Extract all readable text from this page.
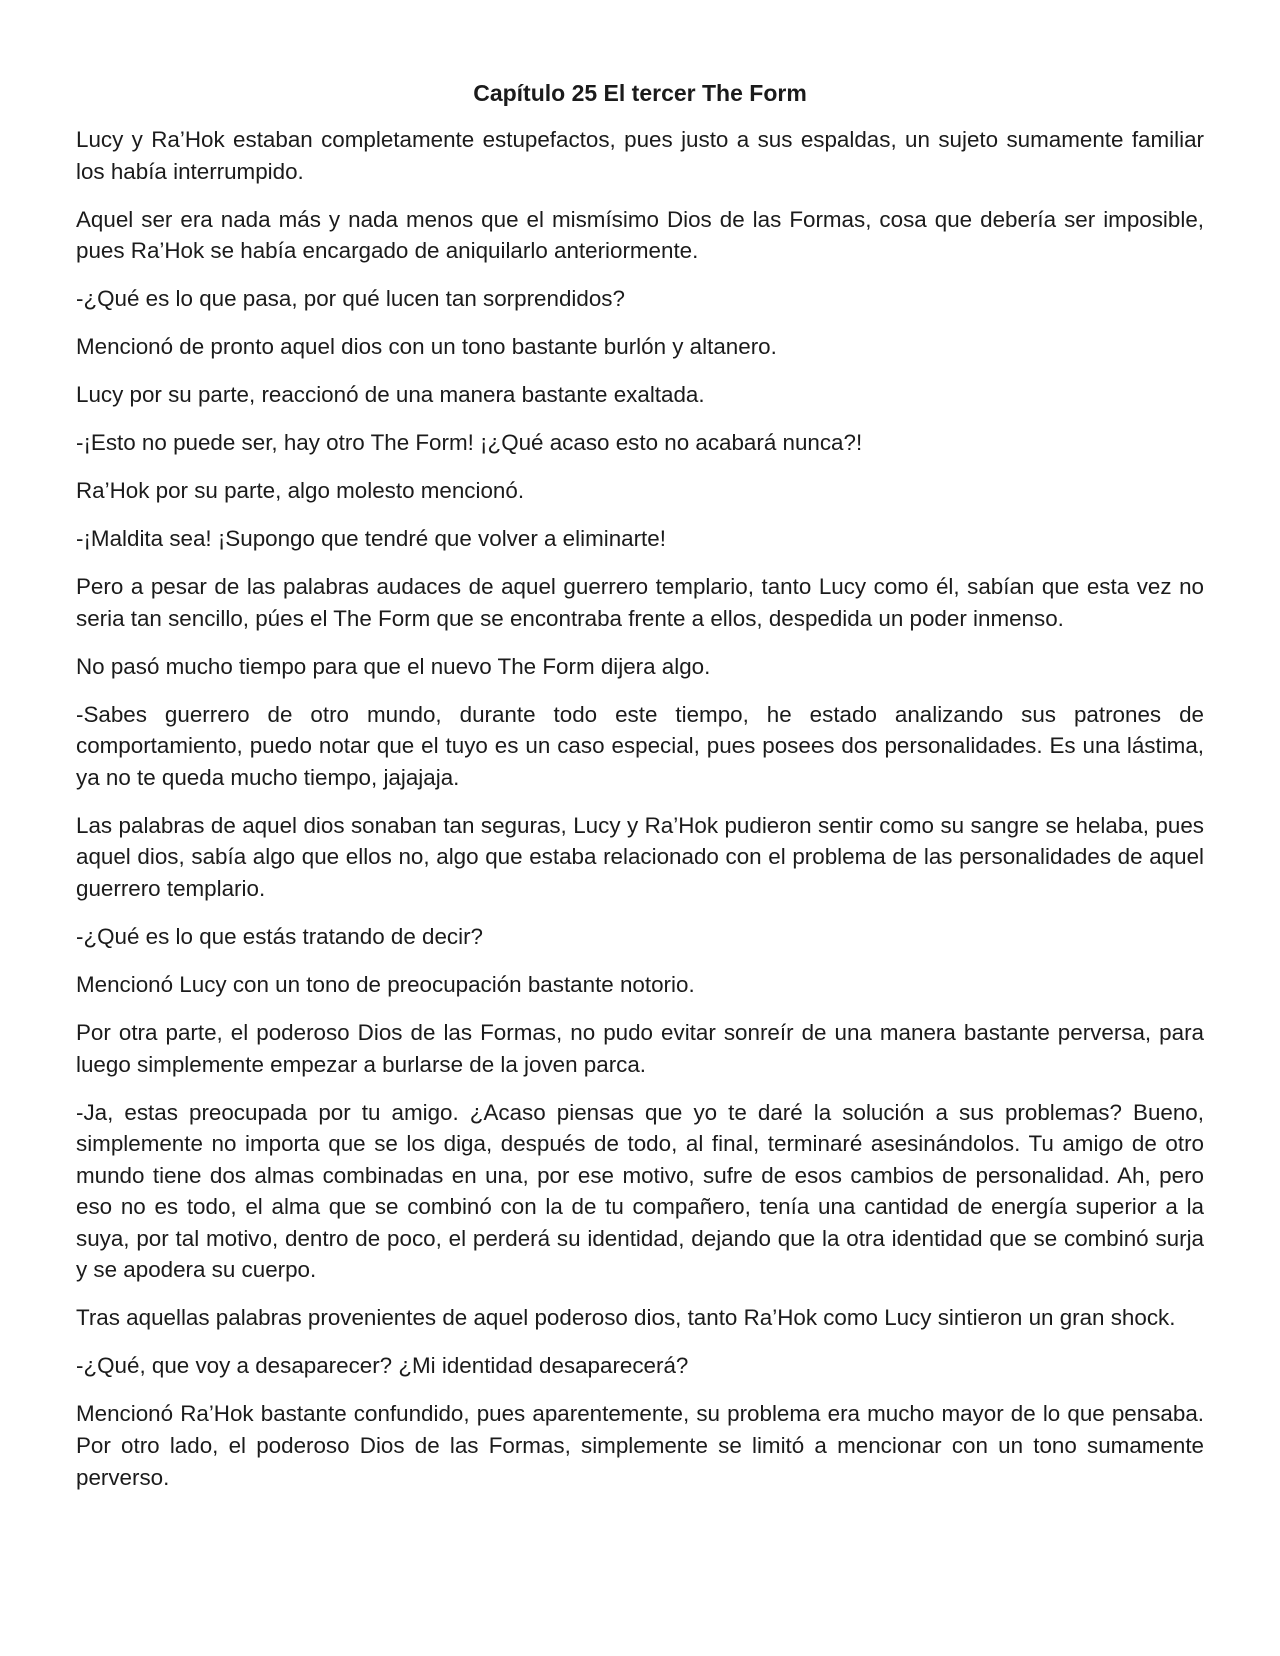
Capítulo 25 El tercer The Form

Lucy y Ra’Hok estaban completamente estupefactos, pues justo a sus espaldas, un sujeto sumamente familiar los había interrumpido.

Aquel ser era nada más y nada menos que el mismísimo Dios de las Formas, cosa que debería ser imposible, pues Ra’Hok se había encargado de aniquilarlo anteriormente.

-¿Qué es lo que pasa, por qué lucen tan sorprendidos?

Mencionó de pronto aquel dios con un tono bastante burlón y altanero.

Lucy por su parte, reaccionó de una manera bastante exaltada.

-¡Esto no puede ser, hay otro The Form! ¡¿Qué acaso esto no acabará nunca?!

Ra’Hok por su parte, algo molesto mencionó.

-¡Maldita sea! ¡Supongo que tendré que volver a eliminarte!

Pero a pesar de las palabras audaces de aquel guerrero templario, tanto Lucy como él, sabían que esta vez no seria tan sencillo, púes el The Form que se encontraba frente a ellos, despedida un poder inmenso.

No pasó mucho tiempo para que el nuevo The Form dijera algo.

-Sabes guerrero de otro mundo, durante todo este tiempo, he estado analizando sus patrones de comportamiento, puedo notar que el tuyo es un caso especial, pues posees dos personalidades. Es una lástima, ya no te queda mucho tiempo, jajajaja.

Las palabras de aquel dios sonaban tan seguras, Lucy y Ra’Hok pudieron sentir como su sangre se helaba, pues aquel dios, sabía algo que ellos no, algo que estaba relacionado con el problema de las personalidades de aquel guerrero templario.

-¿Qué es lo que estás tratando de decir?

Mencionó Lucy con un tono de preocupación bastante notorio.

Por otra parte, el poderoso Dios de las Formas, no pudo evitar sonreír de una manera bastante perversa, para luego simplemente empezar a burlarse de la joven parca.

-Ja, estas preocupada por tu amigo. ¿Acaso piensas que yo te daré la solución a sus problemas? Bueno, simplemente no importa que se los diga, después de todo, al final, terminaré asesinándolos. Tu amigo de otro mundo tiene dos almas combinadas en una, por ese motivo, sufre de esos cambios de personalidad. Ah, pero eso no es todo, el alma que se combinó con la de tu compañero, tenía una cantidad de energía superior a la suya, por tal motivo, dentro de poco, el perderá su identidad, dejando que la otra identidad que se combinó surja y se apodera su cuerpo.

Tras aquellas palabras provenientes de aquel poderoso dios, tanto Ra’Hok como Lucy sintieron un gran shock.

-¿Qué, que voy a desaparecer? ¿Mi identidad desaparecerá?

Mencionó Ra’Hok bastante confundido, pues aparentemente, su problema era mucho mayor de lo que pensaba. Por otro lado, el poderoso Dios de las Formas, simplemente se limitó a mencionar con un tono sumamente perverso.
